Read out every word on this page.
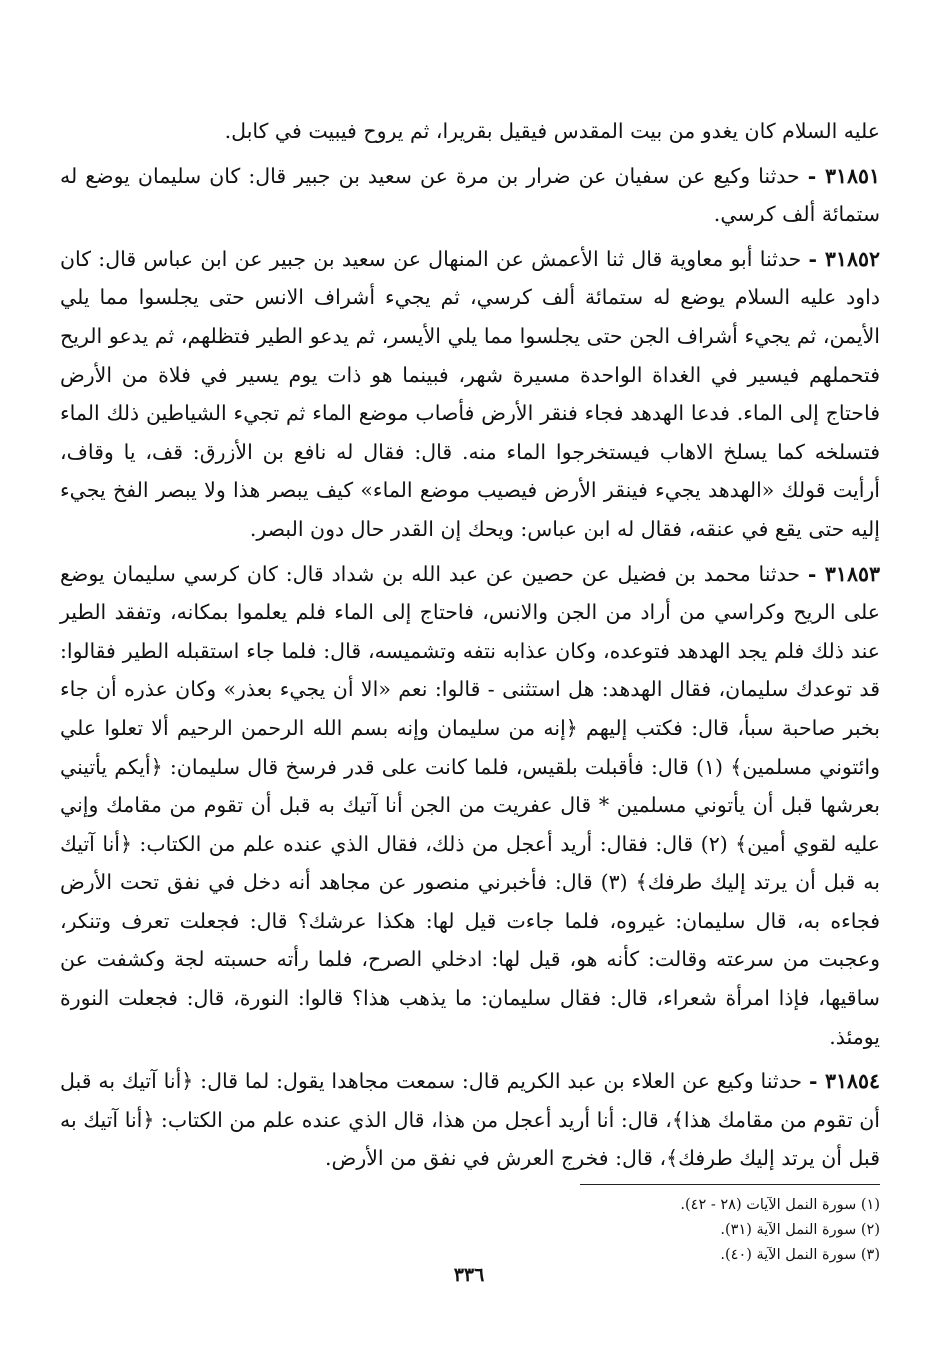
عليه السلام كان يغدو من بيت المقدس فيقيل بقريرا، ثم يروح فيبيت في كابل.

٣١٨٥١ - حدثنا وكيع عن سفيان عن ضرار بن مرة عن سعيد بن جبير قال: كان سليمان يوضع له ستمائة ألف كرسي.

٣١٨٥٢ - حدثنا أبو معاوية قال ثنا الأعمش عن المنهال عن سعيد بن جبير عن ابن عباس قال: كان داود عليه السلام يوضع له ستمائة ألف كرسي، ثم يجيء أشراف الانس حتى يجلسوا مما يلي الأيمن، ثم يجيء أشراف الجن حتى يجلسوا مما يلي الأيسر، ثم يدعو الطير فتظلهم، ثم يدعو الريح فتحملهم فيسير في الغداة الواحدة مسيرة شهر، فبينما هو ذات يوم يسير في فلاة من الأرض فاحتاج إلى الماء. فدعا الهدهد فجاء فنقر الأرض فأصاب موضع الماء ثم تجيء الشياطين ذلك الماء فتسلخه كما يسلخ الاهاب فيستخرجوا الماء منه. قال: فقال له نافع بن الأزرق: قف، يا وقاف، أرأيت قولك «الهدهد يجيء فينقر الأرض فيصيب موضع الماء» كيف يبصر هذا ولا يبصر الفخ يجيء إليه حتى يقع في عنقه، فقال له ابن عباس: ويحك إن القدر حال دون البصر.

٣١٨٥٣ - حدثنا محمد بن فضيل عن حصين عن عبد الله بن شداد قال: كان كرسي سليمان يوضع على الريح وكراسي من أراد من الجن والانس، فاحتاج إلى الماء فلم يعلموا بمكانه، وتفقد الطير عند ذلك فلم يجد الهدهد فتوعده، وكان عذابه نتفه وتشميسه، قال: فلما جاء استقبله الطير فقالوا: قد توعدك سليمان، فقال الهدهد: هل استثنى - قالوا: نعم «الا أن يجيء بعذر» وكان عذره أن جاء بخبر صاحبة سبأ، قال: فكتب إليهم ﴿إنه من سليمان وإنه بسم الله الرحمن الرحيم ألا تعلوا علي وائتوني مسلمين﴾ (١) قال: فأقبلت بلقيس، فلما كانت على قدر فرسخ قال سليمان: ﴿أيكم يأتيني بعرشها قبل أن يأتوني مسلمين * قال عفريت من الجن أنا آتيك به قبل أن تقوم من مقامك وإني عليه لقوي أمين﴾ (٢) قال: فقال: أريد أعجل من ذلك، فقال الذي عنده علم من الكتاب: ﴿أنا آتيك به قبل أن يرتد إليك طرفك﴾ (٣) قال: فأخبرني منصور عن مجاهد أنه دخل في نفق تحت الأرض فجاءه به، قال سليمان: غيروه، فلما جاءت قيل لها: هكذا عرشك؟ قال: فجعلت تعرف وتنكر، وعجبت من سرعته وقالت: كأنه هو، قيل لها: ادخلي الصرح، فلما رأته حسبته لجة وكشفت عن ساقيها، فإذا امرأة شعراء، قال: فقال سليمان: ما يذهب هذا؟ قالوا: النورة، قال: فجعلت النورة يومئذ.

٣١٨٥٤ - حدثنا وكيع عن العلاء بن عبد الكريم قال: سمعت مجاهدا يقول: لما قال: ﴿أنا آتيك به قبل أن تقوم من مقامك هذا﴾، قال: أنا أريد أعجل من هذا، قال الذي عنده علم من الكتاب: ﴿أنا آتيك به قبل أن يرتد إليك طرفك﴾، قال: فخرج العرش في نفق من الأرض.

(١) سورة النمل الآيات (٢٨ - ٤٢).

(٢) سورة النمل الآية (٣١).

(٣) سورة النمل الآية (٤٠).

٣٣٦
